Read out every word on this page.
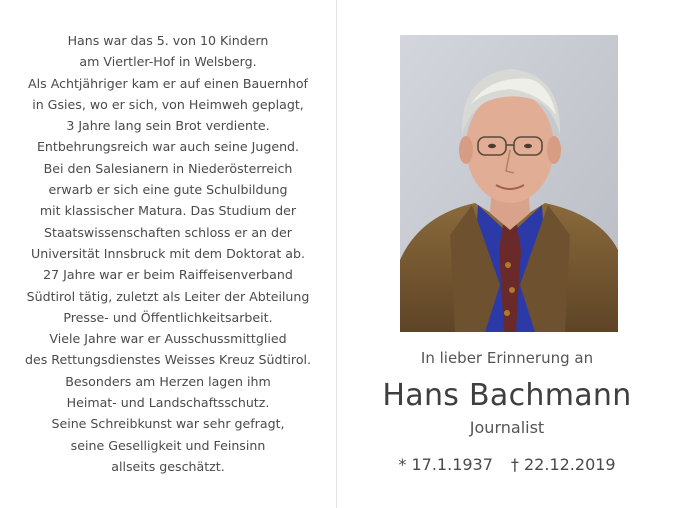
Hans war das 5. von 10 Kindern
am Viertler-Hof in Welsberg.
Als Achtjähriger kam er auf einen Bauernhof
in Gsies, wo er sich, von Heimweh geplagt,
3 Jahre lang sein Brot verdiente.
Entbehrungsreich war auch seine Jugend.
Bei den Salesianern in Niederösterreich
erwarb er sich eine gute Schulbildung
mit klassischer Matura. Das Studium der
Staatswissenschaften schloss er an der
Universität Innsbruck mit dem Doktorat ab.
27 Jahre war er beim Raiffeisenverband
Südtirol tätig, zuletzt als Leiter der Abteilung
Presse- und Öffentlichkeitsarbeit.
Viele Jahre war er Ausschussmittglied
des Rettungsdienstes Weisses Kreuz Südtirol.
Besonders am Herzen lagen ihm
Heimat- und Landschaftsschutz.
Seine Schreibkunst war sehr gefragt,
seine Geselligkeit und Feinsinn
allseits geschätzt.
In lieber Erinnerung an
Hans Bachmann
Journalist
* 17.1.1937 † 22.12.2019
